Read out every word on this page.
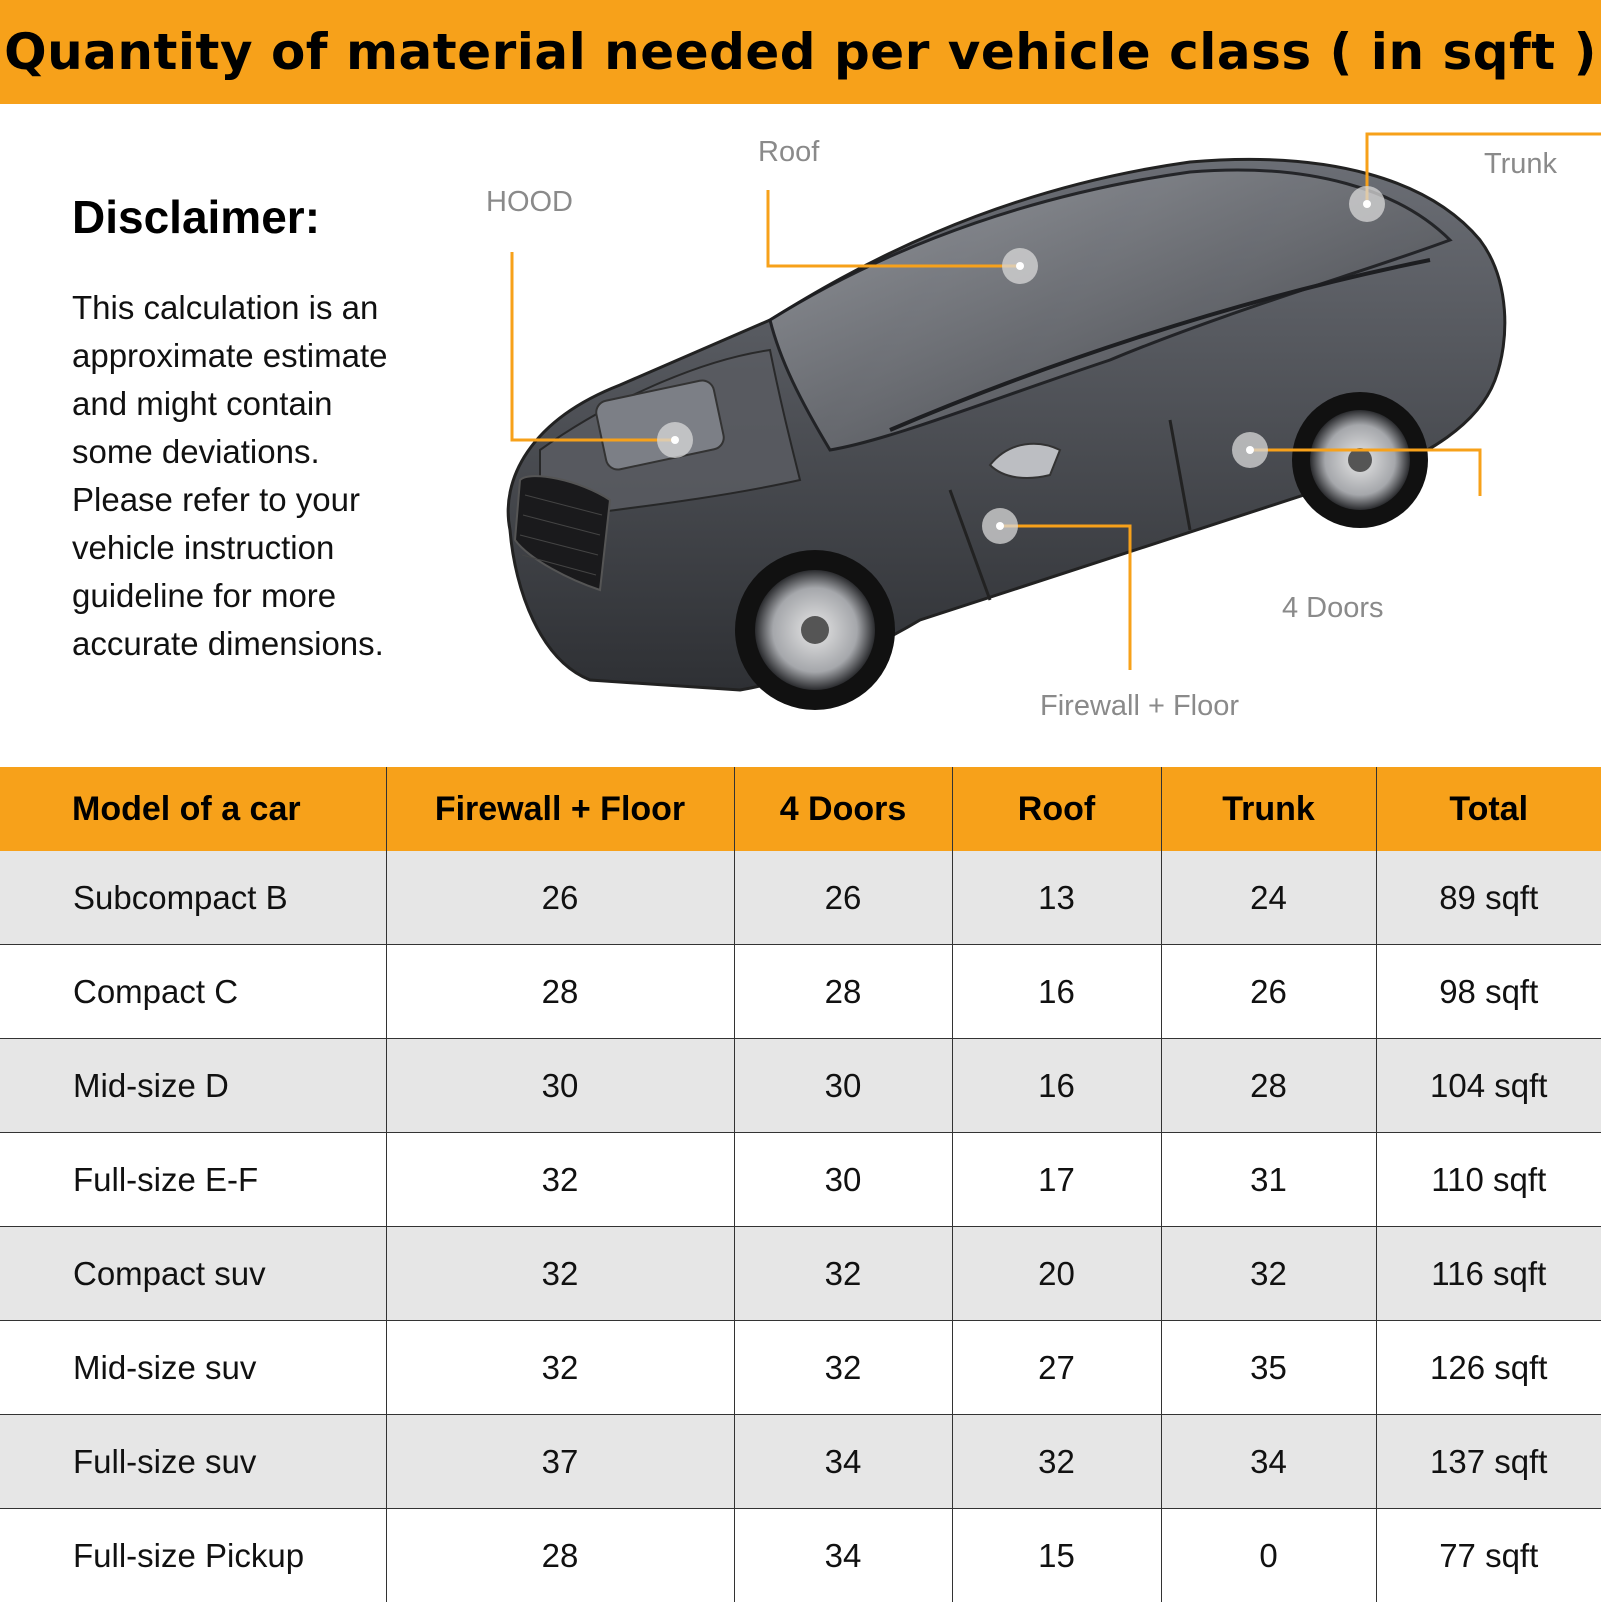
Quantity of material needed per vehicle class ( in sqft )
Disclaimer:

This calculation is an
approximate estimate
and might contain
some deviations.
Please refer to your
vehicle instruction
guideline for more
accurate dimensions.

HOOD
Roof	Trunk
4 Doors
Firewall + Floor
Model of a car	Firewall + Floor	4 Doors	Roof	Trunk	Total
Subcompact B	26	26	13	24	89 sqft
Compact C	28	28	16	26	98 sqft
Mid-size D	30	30	16	28	104 sqft
Full-size E-F	32	30	17	31	110 sqft
Compact suv	32	32	20	32	116 sqft
Mid-size suv	32	32	27	35	126 sqft
Full-size suv	37	34	32	34	137 sqft
Full-size Pickup	28	34	15	0	77 sqft
